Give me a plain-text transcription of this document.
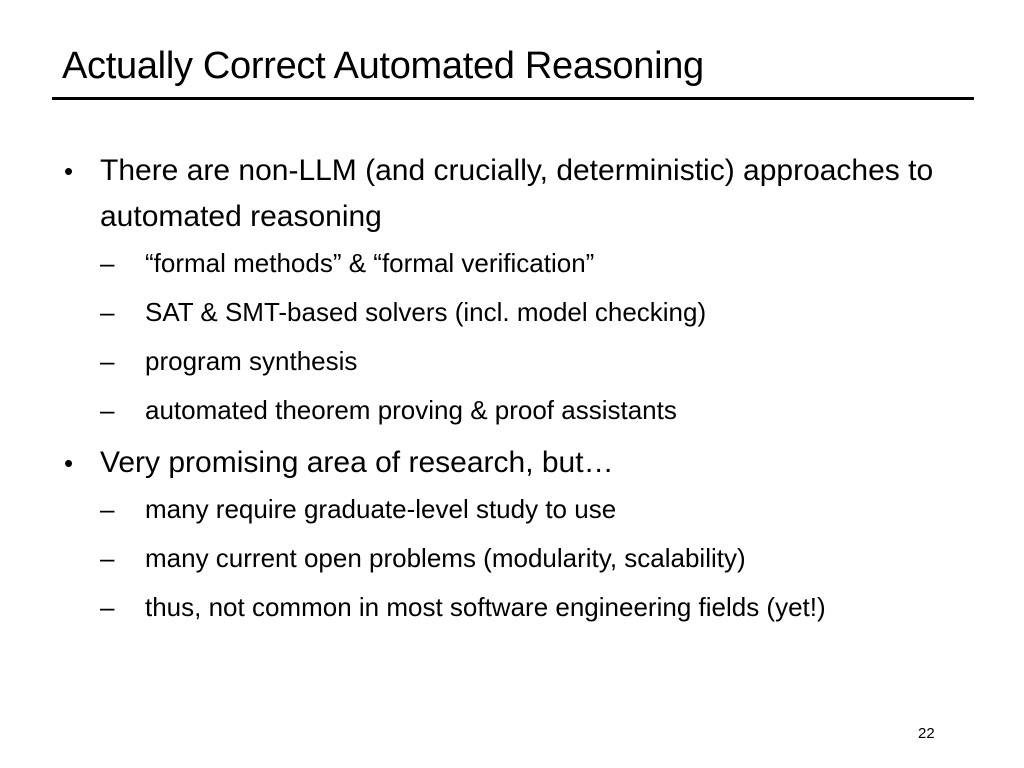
Actually Correct Automated Reasoning
• There are non-LLM (and crucially, deterministic) approaches to automated reasoning
– “formal methods” & “formal verification”
– SAT & SMT-based solvers (incl. model checking)
– program synthesis
– automated theorem proving & proof assistants
• Very promising area of research, but…
– many require graduate-level study to use
– many current open problems (modularity, scalability)
– thus, not common in most software engineering fields (yet!)
22
